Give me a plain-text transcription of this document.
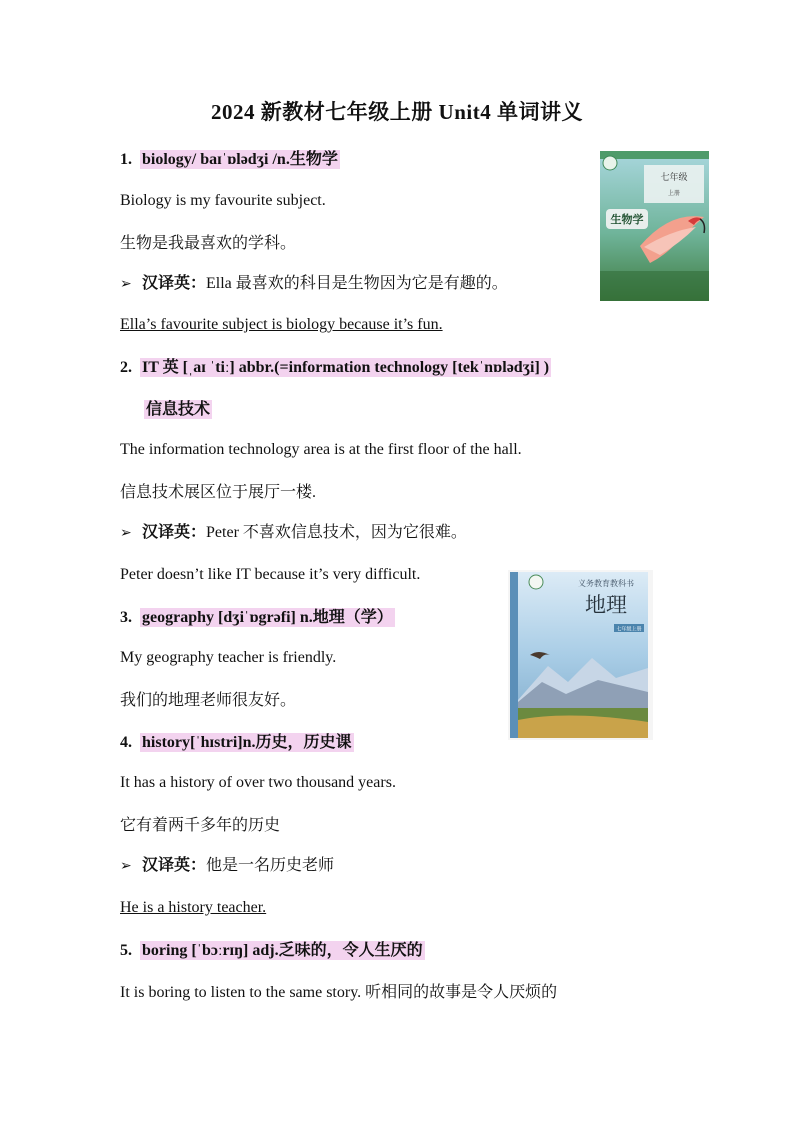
2024 新教材七年级上册 Unit4 单词讲义
1. biology/ baɪˈɒlədʒi /n.生物学
Biology is my favourite subject.
生物是我最喜欢的学科。
➢ 汉译英：Ella 最喜欢的科目是生物因为它是有趣的。
Ella’s favourite subject is biology because it’s fun.
2. IT 英 [ˌaɪ ˈtiː] abbr.(=information technology [tekˈnɒlədʒi] )
信息技术
The information technology area is at the first floor of the hall.
信息技术展区位于展厅一楼.
➢ 汉译英：Peter 不喜欢信息技术，因为它很难。
Peter doesn’t like IT because it’s very difficult.
3. geography [dʒiˈɒgrəfi] n.地理（学）
My geography teacher is friendly.
我们的地理老师很友好。
4. history[ˈhɪstri]n.历史，历史课
It has a history of over two thousand years.
它有着两千多年的历史
➢ 汉译英：他是一名历史老师
He is a history teacher.
5. boring [ˈbɔːrɪŋ] adj.乏味的，令人生厌的
It is boring to listen to the same story. 听相同的故事是令人厌烦的
七年级
上册
生物学
义务教育教科书
地理
七年级上册
